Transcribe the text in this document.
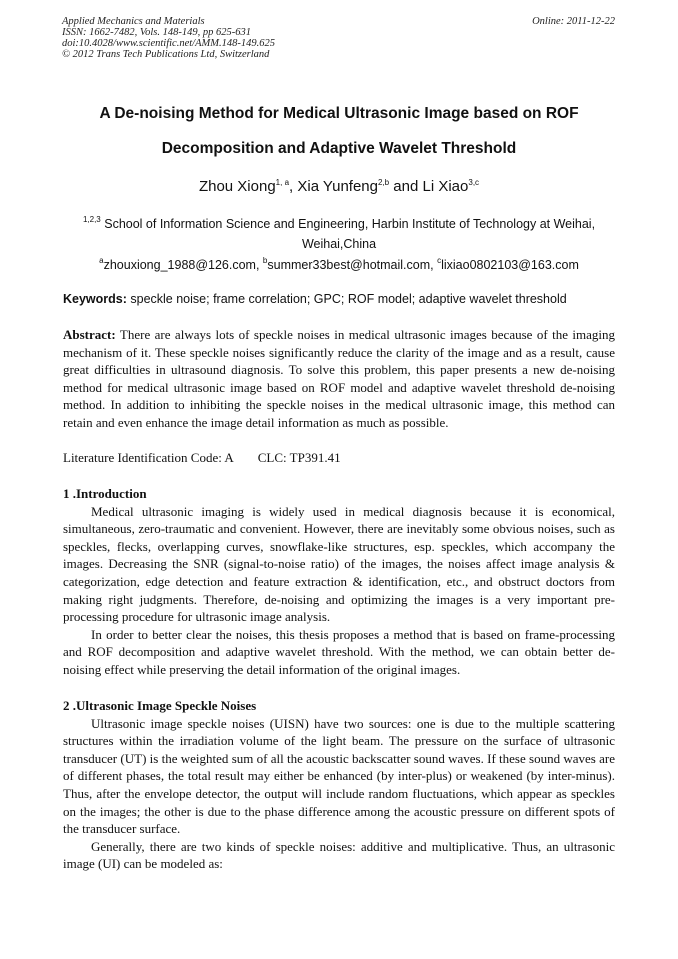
Applied Mechanics and Materials
ISSN: 1662-7482, Vols. 148-149, pp 625-631
doi:10.4028/www.scientific.net/AMM.148-149.625
© 2012 Trans Tech Publications Ltd, Switzerland
Online: 2011-12-22
A De-noising Method for Medical Ultrasonic Image based on ROF
Decomposition and Adaptive Wavelet Threshold
Zhou Xiong$^{1, a}$, Xia Yunfeng$^{2,b}$ and Li Xiao$^{3,c}$
$^{1,2,3}$ School of Information Science and Engineering, Harbin Institute of Technology at Weihai, Weihai,China
$^a$zhouxiong_1988@126.com, $^b$summer33best@hotmail.com, $^c$lixiao0802103@163.com
Keywords: speckle noise; frame correlation; GPC; ROF model; adaptive wavelet threshold

Abstract: There are always lots of speckle noises in medical ultrasonic images because of the imaging mechanism of it. These speckle noises significantly reduce the clarity of the image and as a result, cause great difficulties in ultrasound diagnosis. To solve this problem, this paper presents a new de-noising method for medical ultrasonic image based on ROF model and adaptive wavelet threshold de-noising method. In addition to inhibiting the speckle noises in the medical ultrasonic image, this method can retain and even enhance the image detail information as much as possible.

Literature Identification Code: A CLC: TP391.41

1 .Introduction

Medical ultrasonic imaging is widely used in medical diagnosis because it is economical, simultaneous, zero-traumatic and convenient. However, there are inevitably some obvious noises, such as speckles, flecks, overlapping curves, snowflake-like structures, esp. speckles, which accompany the images. Decreasing the SNR (signal-to-noise ratio) of the images, the noises affect image analysis & categorization, edge detection and feature extraction & identification, etc., and obstruct doctors from making right judgments. Therefore, de-noising and optimizing the images is a very important pre-processing procedure for ultrasonic image analysis.

In order to better clear the noises, this thesis proposes a method that is based on frame-processing and ROF decomposition and adaptive wavelet threshold. With the method, we can obtain better de-noising effect while preserving the detail information of the original images.

2 .Ultrasonic Image Speckle Noises

Ultrasonic image speckle noises (UISN) have two sources: one is due to the multiple scattering structures within the irradiation volume of the light beam. The pressure on the surface of ultrasonic transducer (UT) is the weighted sum of all the acoustic backscatter sound waves. If these sound waves are of different phases, the total result may either be enhanced (by inter-plus) or weakened (by inter-minus). Thus, after the envelope detector, the output will include random fluctuations, which appear as speckles on the images; the other is due to the phase difference among the acoustic pressure on different spots of the transducer surface.

Generally, there are two kinds of speckle noises: additive and multiplicative. Thus, an ultrasonic image (UI) can be modeled as:
